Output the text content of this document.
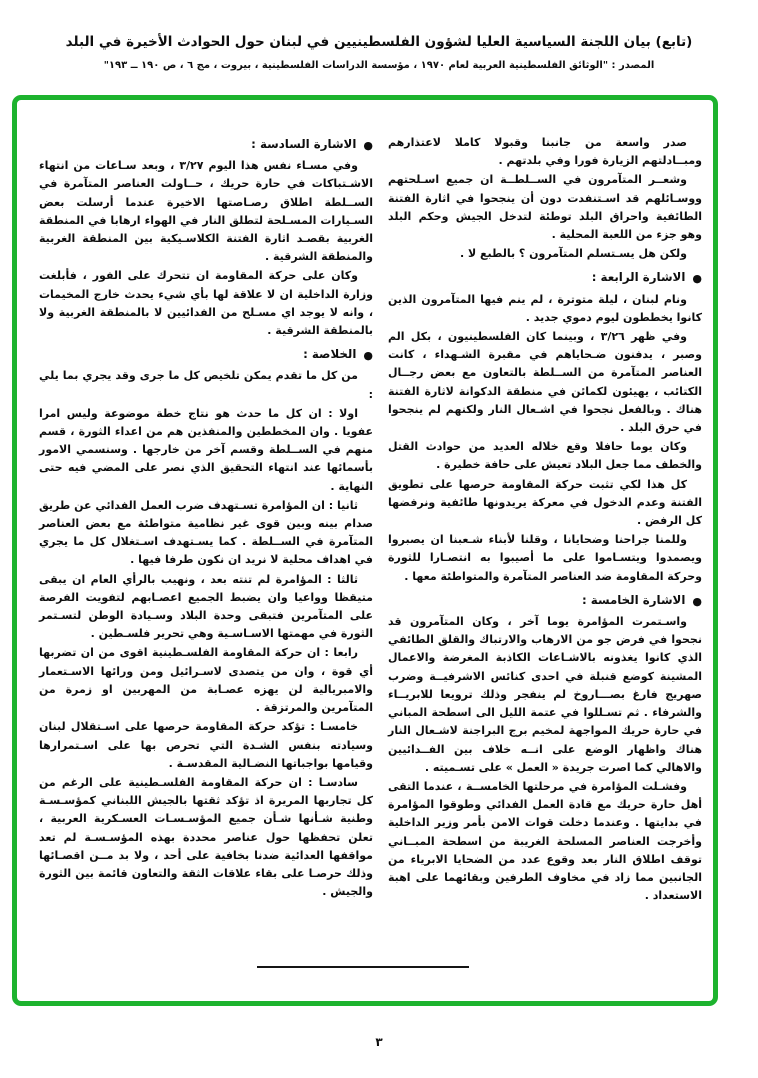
(تابع) بيان اللجنة السياسية العليا لشؤون الفلسطينيين في لبنان حول الحوادث الأخيرة في البلد
المصدر : "الوثائق الفلسطينية العربية لعام ١٩٧٠ ، مؤسسة الدراسات الفلسطينية ، بيروت ، مج ٦ ، ص ١٩٠ ــ ١٩٣"
صدر واسعة من جانبنا وقبولا كاملا لاعتذارهم ومبــادلتهم الزيارة فورا وفي بلدتهم .
وشعــر المتآمرون في الســلطــة ان جميع اسـلحتهم ووسـائلهم قد اسـتنفدت دون أن ينجحوا في اثارة الفتنة الطائفية واحراق البلد توطئة لتدخل الجيش وحكم البلد وهو جزء من اللعبة المحلية .
ولكن هل يسـتسلم المتآمرون ؟ بالطبع لا .
●الاشارة الرابعة :
ونام لبنان ، ليلة متوترة ، لم ينم فيها المتآمرون الذين كانوا يخططون ليوم دموي جديد .
وفي ظهر ٣/٢٦ ، وبينما كان الفلسطينيون ، بكل الم وصبر ، يدفنون ضـحاياهم في مقبرة الشـهداء ، كانت العناصر المتآمرة من الســلطة بالتعاون مع بعض رجــال الكتائب ، يهيئون لكمائن في منطقة الدكوانة لاثارة الفتنة هناك . وبالفعل نجحوا في اشـعال النار ولكنهم لم ينجحوا في حرق البلد .
وكان يوما حافلا وقع خلاله العديد من حوادث القتل والخطف مما جعل البلاد تعيش على حافة خطيرة .
كل هذا لكي تثبت حركة المقاومة حرصها على تطويق الفتنة وعدم الدخول في معركة يريدونها طائفية ونرفضها كل الرفض .
وللمنا جراحنا وضحايانا ، وقلنا لأبناء شـعبنا ان يصبروا ويصمدوا ويتسـاموا على ما أصيبوا به انتصـارا للثورة وحركة المقاومة ضد العناصر المتآمرة والمتواطئة معها .
●الاشارة الخامسة :
واسـتمرت المؤامرة يوما آخر ، وكان المتآمرون قد نجحوا في فرض جو من الارهاب والارتباك والقلق الطائفي الذي كانوا يغذونه بالاشـاعات الكاذبة المغرضة والاعمال المشينة كوضع قنبلة في احدى كنائس الاشرفيــة وضرب صهريج فارغ بصـــاروخ لم ينفجر وذلك ترويعا للابريــاء والشرفاء . ثم تسـللوا في عتمة الليل الى اسطحة المباني في حارة حريك المواجهة لمخيم برج البراجنة لاشـعال النار هناك واظهار الوضع على انــه خلاف بين الفــدائيين والاهالي كما اصرت جريدة « العمل » على تسـميته .
وفشـلت المؤامرة في مرحلتها الخامســة ، عندما التقى أهل حارة حريك مع قادة العمل الفدائي وطوقوا المؤامرة في بدايتها . وعندما دخلت قوات الامن بأمر وزير الداخلية وأخرجت العناصر المسلحة الغريبة من اسطحة المبــاني توقف اطلاق النار بعد وقوع عدد من الضحايا الابرياء من الجانبين مما زاد في مخاوف الطرفين وبقائهما على اهبة الاستعداد .
●الاشارة السادسة :
وفي مسـاء نفس هذا اليوم ٣/٢٧ ، وبعد سـاعات من انتهاء الاشـتباكات في حارة حريك ، حــاولت العناصر المتآمرة في الســلطة اطلاق رصـاصتها الاخيرة عندما أرسلت بعض السـيارات المسـلحة لتطلق النار في الهواء ارهابا في المنطقة الغربية بقصـد اثارة الفتنة الكلاسـيكية بين المنطقة الغربية والمنطقة الشرقية .
وكان على حركة المقاومة ان تتحرك على الفور ، فأبلغت وزارة الداخلية ان لا علاقة لها بأي شيء يحدث خارج المخيمات ، وانه لا يوجد اي مسـلح من الفدائيين لا بالمنطقة الغربية ولا بالمنطقة الشرقية .
●الخلاصة :
من كل ما تقدم يمكن تلخيص كل ما جرى وقد يجري بما يلي :
اولا : ان كل ما حدث هو نتاج خطة موضوعة وليس امرا عفويا . وان المخططين والمنفذين هم من اعداء الثورة ، قسم منهم في الســلطة وقسم آخر من خارجها . وسنسمي الامور بأسمائها عند انتهاء التحقيق الذي نصر على المضي فيه حتى النهاية .
ثانيا : ان المؤامرة تسـتهدف ضرب العمل الفدائي عن طريق صدام بينه وبين قوى غير نظامية متواطئة مع بعض العناصر المتآمرة في الســلطة . كما يسـتهدف اسـتغلال كل ما يجري في اهداف محلية لا نريد ان نكون طرفا فيها .
ثالثا : المؤامرة لم تنته بعد ، ونهيب بالرأي العام ان يبقى متيقظا وواعيا وان يضبط الجميع اعصـابهم لتفويت الفرصة على المتآمرين فتبقى وحدة البلاد وسـيادة الوطن لتسـتمر الثورة في مهمتها الاسـاسـية وهي تحرير فلسـطين .
رابعا : ان حركة المقاومة الفلسـطينية اقوى من ان تضربها أي قوة ، وان من يتصدى لاسـرائيل ومن ورائها الاسـتعمار والامبريالية لن يهزه عصـابة من المهربين او زمرة من المتآمرين والمرتزقة .
خامسـا : تؤكد حركة المقاومة حرصها على اسـتقلال لبنان وسيادته بنفس الشـدة التي تحرص بها على اسـتمرارها وقيامها بواجباتها النضـالية المقدسـة .
سادسـا : ان حركة المقاومة الفلسـطينية على الرغم من كل تجاربها المريرة اذ تؤكد ثقتها بالجيش اللبناني كمؤسـسـة وطنية شـأنها شـأن جميع المؤسـسـات العسـكرية العربية ، تعلن تحفظها حول عناصر محددة بهذه المؤسـسـة لم تعد مواقفها العدائية ضدنا بخافية على أحد ، ولا بد مــن اقصـائها وذلك حرصـا على بقاء علاقات الثقة والتعاون قائمة بين الثورة والجيش .
٣
